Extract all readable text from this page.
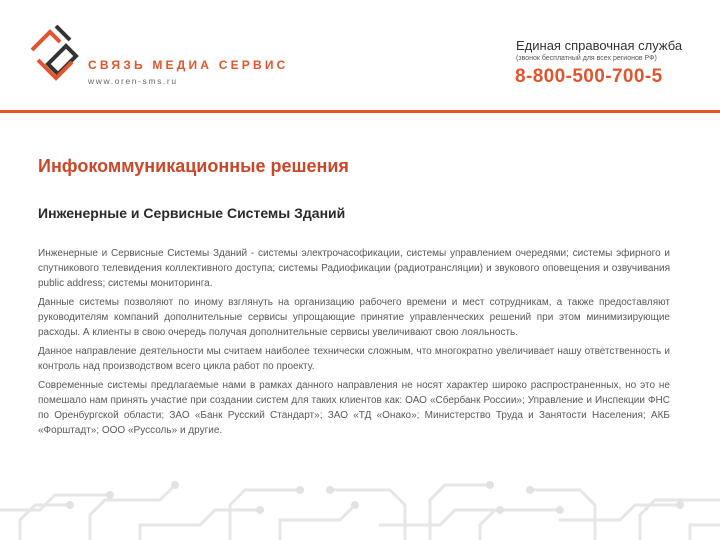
СВЯЗЬ МЕДИА СЕРВИС
www.oren-sms.ru
Единая справочная служба
(звонок бесплатный для всех регионов РФ)
8-800-500-700-5
Инфокоммуникационные решения
Инженерные и Сервисные Системы Зданий

Инженерные и Сервисные Системы Зданий - системы электрочасофикации, системы управлением очередями; системы эфирного и спутникового телевидения коллективного доступа; системы Радиофикации (радиотрансляции) и звукового оповещения и озвучивания public address; системы мониторинга.

Данные системы позволяют по иному взглянуть на организацию рабочего времени и мест сотрудникам, а также предоставляют руководителям компаний дополнительные сервисы упрощающие принятие управленческих решений при этом минимизирующие расходы. А клиенты в свою очередь получая дополнительные сервисы увеличивают свою лояльность.

Данное направление деятельности мы считаем наиболее технически сложным, что многократно увеличивает нашу ответственность и контроль над производством всего цикла работ по проекту.

Современные системы предлагаемые нами в рамках данного направления не носят характер широко распространенных, но это не помешало нам принять участие при создании систем для таких клиентов как: ОАО «Сбербанк России»; Управление и Инспекции ФНС по Оренбургской области; ЗАО «Банк Русский Стандарт»; ЗАО «ТД «Онако»; Министерство Труда и Занятости Населения; АКБ «Форштадт»; ООО «Руссоль» и другие.
